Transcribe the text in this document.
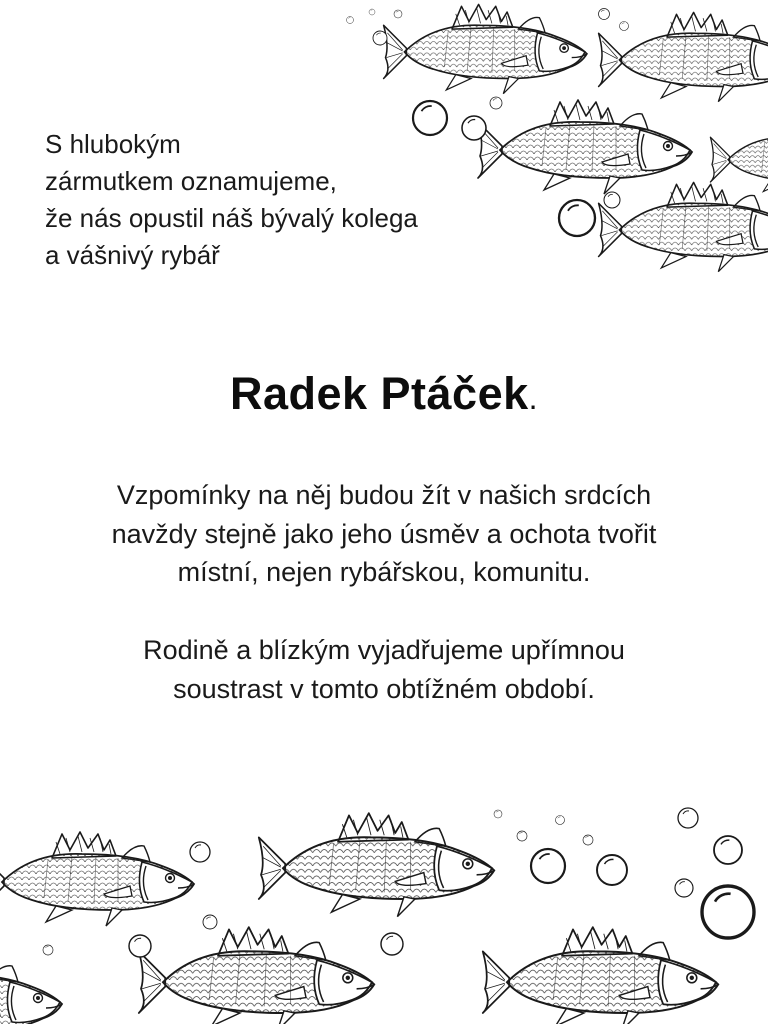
S hlubokým
zármutkem oznamujeme,
že nás opustil náš bývalý kolega
a vášnivý rybář
Radek Ptáček.
Vzpomínky na něj budou žít v našich srdcích
navždy stejně jako jeho úsměv a ochota tvořit
místní, nejen rybářskou, komunitu.
Rodině a blízkým vyjadřujeme upřímnou
soustrast v tomto obtížném období.
